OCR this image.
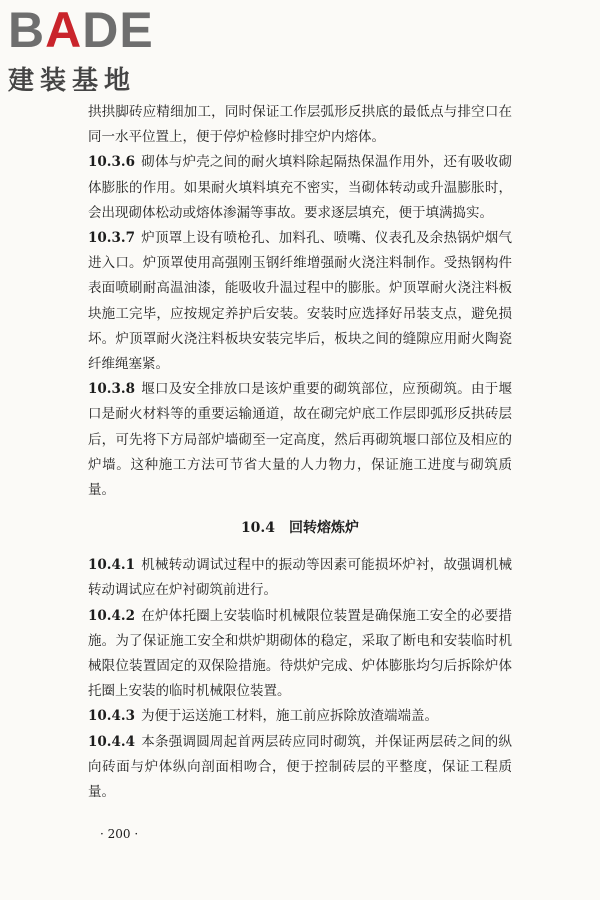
BADE
建装基地

拱拱脚砖应精细加工，同时保证工作层弧形反拱底的最低点与排空口在同一水平位置上，便于停炉检修时排空炉内熔体。

10.3.6 砌体与炉壳之间的耐火填料除起隔热保温作用外，还有吸收砌体膨胀的作用。如果耐火填料填充不密实，当砌体转动或升温膨胀时，会出现砌体松动或熔体渗漏等事故。要求逐层填充，便于填满捣实。

10.3.7 炉顶罩上设有喷枪孔、加料孔、喷嘴、仪表孔及余热锅炉烟气进入口。炉顶罩使用高强刚玉钢纤维增强耐火浇注料制作。受热钢构件表面喷刷耐高温油漆，能吸收升温过程中的膨胀。炉顶罩耐火浇注料板块施工完毕，应按规定养护后安装。安装时应选择好吊装支点，避免损坏。炉顶罩耐火浇注料板块安装完毕后，板块之间的缝隙应用耐火陶瓷纤维绳塞紧。

10.3.8 堰口及安全排放口是该炉重要的砌筑部位，应预砌筑。由于堰口是耐火材料等的重要运输通道，故在砌完炉底工作层即弧形反拱砖层后，可先将下方局部炉墙砌至一定高度，然后再砌筑堰口部位及相应的炉墙。这种施工方法可节省大量的人力物力，保证施工进度与砌筑质量。

10.4　回转熔炼炉

10.4.1 机械转动调试过程中的振动等因素可能损坏炉衬，故强调机械转动调试应在炉衬砌筑前进行。

10.4.2 在炉体托圈上安装临时机械限位装置是确保施工安全的必要措施。为了保证施工安全和烘炉期砌体的稳定，采取了断电和安装临时机械限位装置固定的双保险措施。待烘炉完成、炉体膨胀均匀后拆除炉体托圈上安装的临时机械限位装置。

10.4.3 为便于运送施工材料，施工前应拆除放渣端端盖。

10.4.4 本条强调圆周起首两层砖应同时砌筑，并保证两层砖之间的纵向砖面与炉体纵向剖面相吻合，便于控制砖层的平整度，保证工程质量。

· 200 ·
